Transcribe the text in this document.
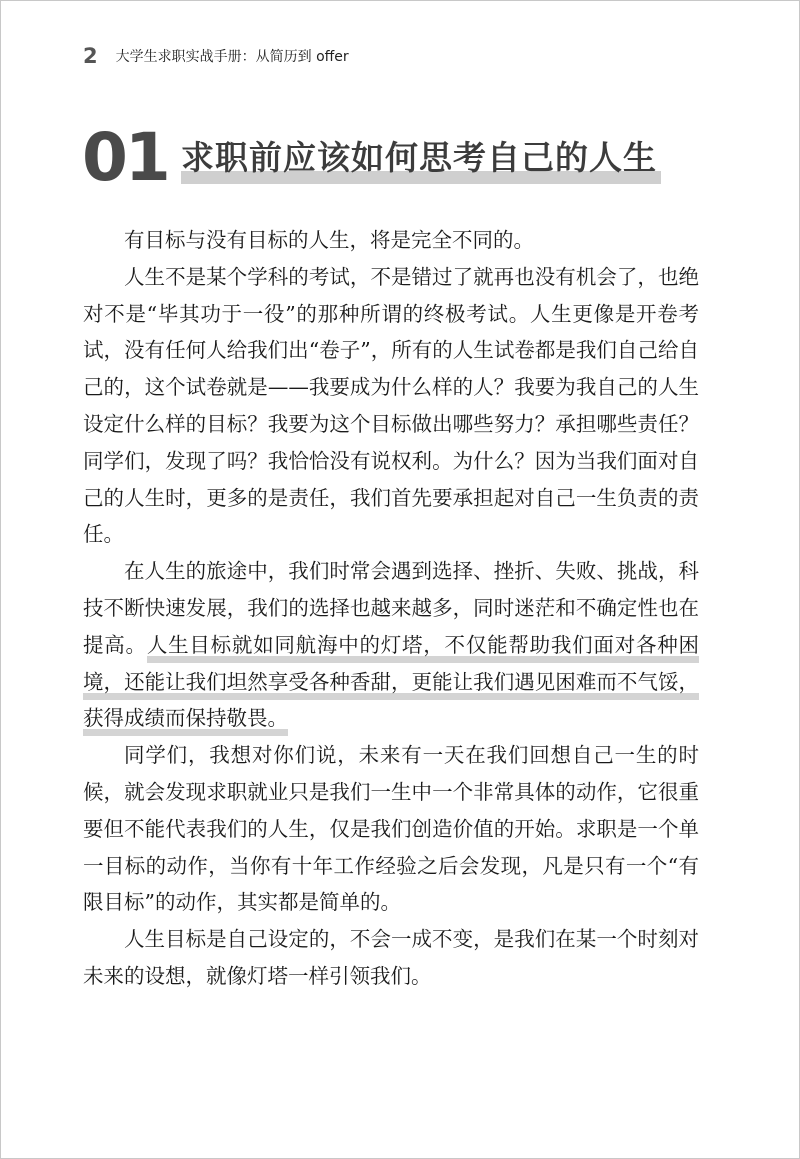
2 大学生求职实战手册：从简历到 offer
01 求职前应该如何思考自己的人生

有目标与没有目标的人生，将是完全不同的。

人生不是某个学科的考试，不是错过了就再也没有机会了，也绝对不是“毕其功于一役”的那种所谓的终极考试。人生更像是开卷考试，没有任何人给我们出“卷子”，所有的人生试卷都是我们自己给自己的，这个试卷就是——我要成为什么样的人？我要为我自己的人生设定什么样的目标？我要为这个目标做出哪些努力？承担哪些责任？同学们，发现了吗？我恰恰没有说权利。为什么？因为当我们面对自己的人生时，更多的是责任，我们首先要承担起对自己一生负责的责任。

在人生的旅途中，我们时常会遇到选择、挫折、失败、挑战，科技不断快速发展，我们的选择也越来越多，同时迷茫和不确定性也在提高。人生目标就如同航海中的灯塔，不仅能帮助我们面对各种困境，还能让我们坦然享受各种香甜，更能让我们遇见困难而不气馁，获得成绩而保持敬畏。

同学们，我想对你们说，未来有一天在我们回想自己一生的时候，就会发现求职就业只是我们一生中一个非常具体的动作，它很重要但不能代表我们的人生，仅是我们创造价值的开始。求职是一个单一目标的动作，当你有十年工作经验之后会发现，凡是只有一个“有限目标”的动作，其实都是简单的。

人生目标是自己设定的，不会一成不变，是我们在某一个时刻对未来的设想，就像灯塔一样引领我们。
